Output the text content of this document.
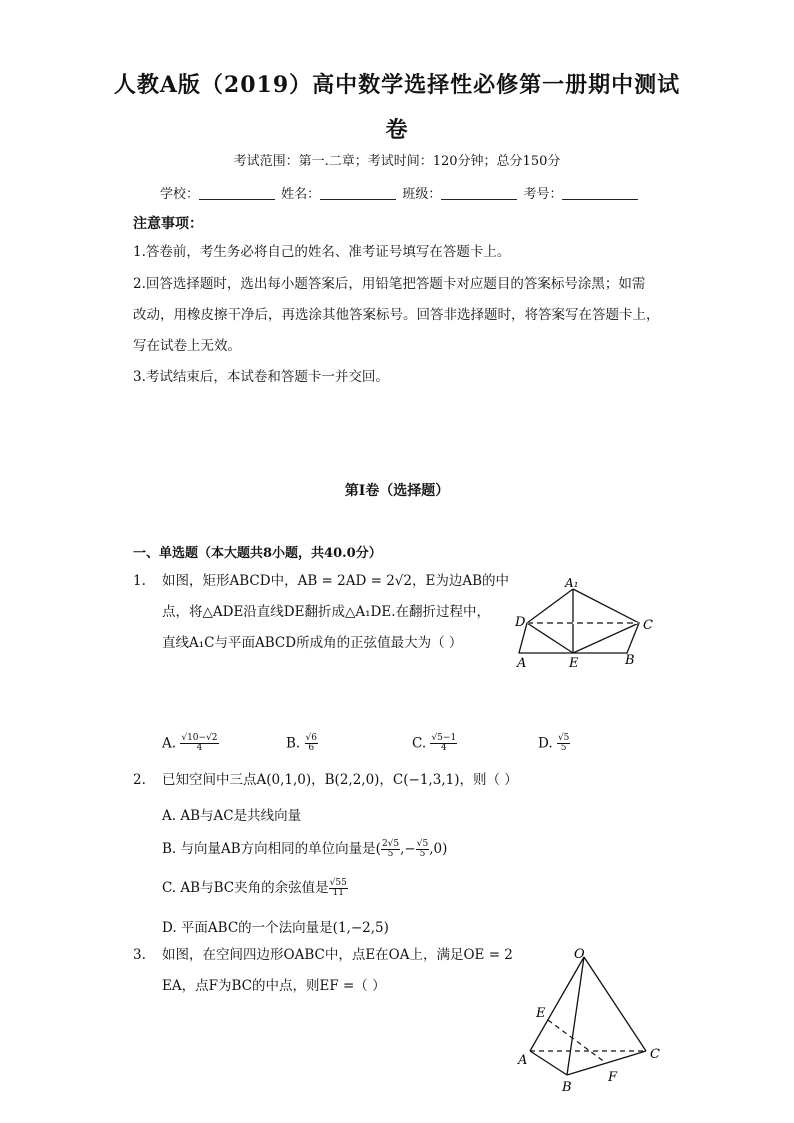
人教A版（2019）高中数学选择性必修第一册期中测试
卷
考试范围：第一.二章；考试时间：120分钟；总分150分
学校：	姓名：	班级：	考号：
注意事项：
1.答卷前，考生务必将自己的姓名、准考证号填写在答题卡上。
2.回答选择题时，选出每小题答案后，用铅笔把答题卡对应题目的答案标号涂黑；如需
改动，用橡皮擦干净后，再选涂其他答案标号。回答非选择题时，将答案写在答题卡上，
写在试卷上无效。
3.考试结束后，本试卷和答题卡一并交回。
第I卷（选择题）
一、单选题（本大题共8小题，共40.0分）
1. 如图，矩形ABCD中，AB = 2AD = 2√2，E为边AB的中
点，将△ADE沿直线DE翻折成△A₁DE.在翻折过程中，
直线A₁C与平面ABCD所成角的正弦值最大为（ ）
A₁
D	C
A	E	B
A. $\frac{√10-√2}{4}$	B. $\frac{√6}{6}$	C. $\frac{√5-1}{4}$	D. $\frac{√5}{5}$
2. 已知空间中三点A(0,1,0)，B(2,2,0)，C(−1,3,1)，则（ ）
A. AB与AC是共线向量
B. 与向量AB方向相同的单位向量是( $\frac{2√5}{5}$ ,− $\frac{√5}{5} ,0$)
C. AB与BC夹角的余弦值是 $\frac{√55}{11}$
D. 平面ABC的一个法向量是(1,−2,5)
3. 如图，在空间四边形OABC中，点E在OA上，满足OE = 2
EA，点F为BC的中点，则EF =（ ）
O
E
A	C
B
F
